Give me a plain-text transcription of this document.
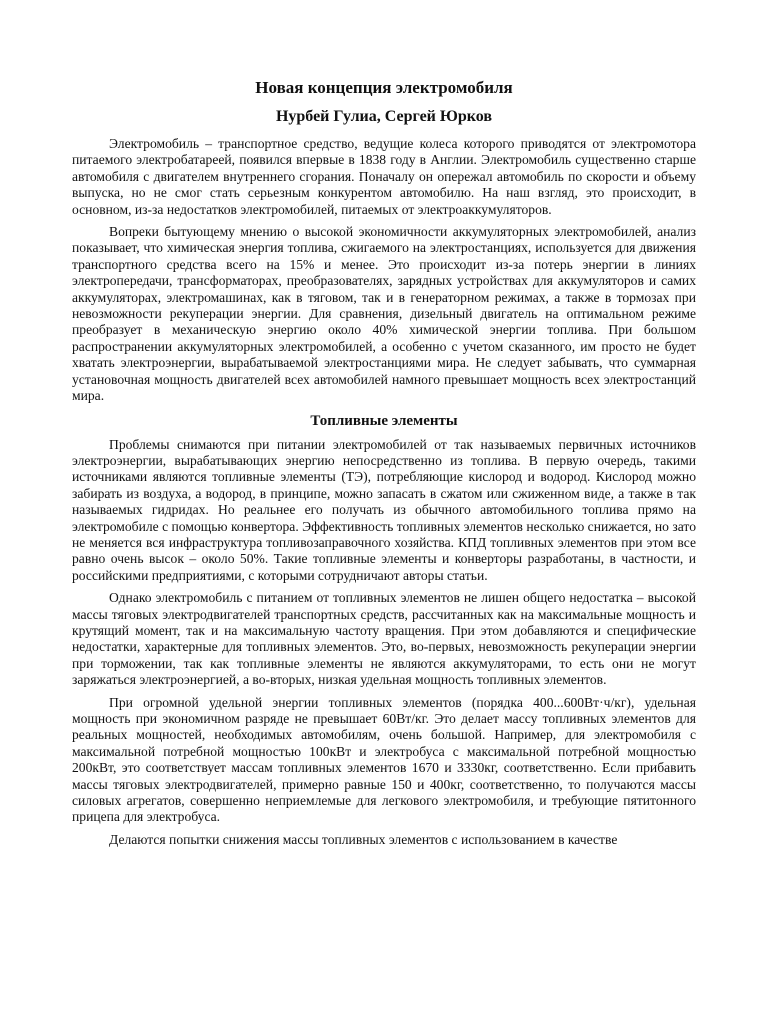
Новая концепция электромобиля
Нурбей Гулиа, Сергей Юрков

Электромобиль – транспортное средство, ведущие колеса которого приводятся от электромотора питаемого электробатареей, появился впервые в 1838 году в Англии. Электромобиль существенно старше автомобиля с двигателем внутреннего сгорания. Поначалу он опережал автомобиль по скорости и объему выпуска, но не смог стать серьезным конкурентом автомобилю. На наш взгляд, это происходит, в основном, из-за недостатков электромобилей, питаемых от электроаккумуляторов.

Вопреки бытующему мнению о высокой экономичности аккумуляторных электромобилей, анализ показывает, что химическая энергия топлива, сжигаемого на электростанциях, используется для движения транспортного средства всего на 15% и менее. Это происходит из-за потерь энергии в линиях электропередачи, трансформаторах, преобразователях, зарядных устройствах для аккумуляторов и самих аккумуляторах, электромашинах, как в тяговом, так и в генераторном режимах, а также в тормозах при невозможности рекуперации энергии. Для сравнения, дизельный двигатель на оптимальном режиме преобразует в механическую энергию около 40% химической энергии топлива. При большом распространении аккумуляторных электромобилей, а особенно с учетом сказанного, им просто не будет хватать электроэнергии, вырабатываемой электростанциями мира. Не следует забывать, что суммарная установочная мощность двигателей всех автомобилей намного превышает мощность всех электростанций мира.

Топливные элементы

Проблемы снимаются при питании электромобилей от так называемых первичных источников электроэнергии, вырабатывающих энергию непосредственно из топлива. В первую очередь, такими источниками являются топливные элементы (ТЭ), потребляющие кислород и водород. Кислород можно забирать из воздуха, а водород, в принципе, можно запасать в сжатом или сжиженном виде, а также в так называемых гидридах. Но реальнее его получать из обычного автомобильного топлива прямо на электромобиле с помощью конвертора. Эффективность топливных элементов несколько снижается, но зато не меняется вся инфраструктура топливозаправочного хозяйства. КПД топливных элементов при этом все равно очень высок – около 50%. Такие топливные элементы и конверторы разработаны, в частности, и российскими предприятиями, с которыми сотрудничают авторы статьи.

Однако электромобиль с питанием от топливных элементов не лишен общего недостатка – высокой массы тяговых электродвигателей транспортных средств, рассчитанных как на максимальные мощность и крутящий момент, так и на максимальную частоту вращения. При этом добавляются и специфические недостатки, характерные для топливных элементов. Это, во-первых, невозможность рекуперации энергии при торможении, так как топливные элементы не являются аккумуляторами, то есть они не могут заряжаться электроэнергией, а во-вторых, низкая удельная мощность топливных элементов.

При огромной удельной энергии топливных элементов (порядка 400...600Вт·ч/кг), удельная мощность при экономичном разряде не превышает 60Вт/кг. Это делает массу топливных элементов для реальных мощностей, необходимых автомобилям, очень большой. Например, для электромобиля с максимальной потребной мощностью 100кВт и электробуса с максимальной потребной мощностью 200кВт, это соответствует массам топливных элементов 1670 и 3330кг, соответственно. Если прибавить массы тяговых электродвигателей, примерно равные 150 и 400кг, соответственно, то получаются массы силовых агрегатов, совершенно неприемлемые для легкового электромобиля, и требующие пятитонного прицепа для электробуса.

Делаются попытки снижения массы топливных элементов с использованием в качестве
